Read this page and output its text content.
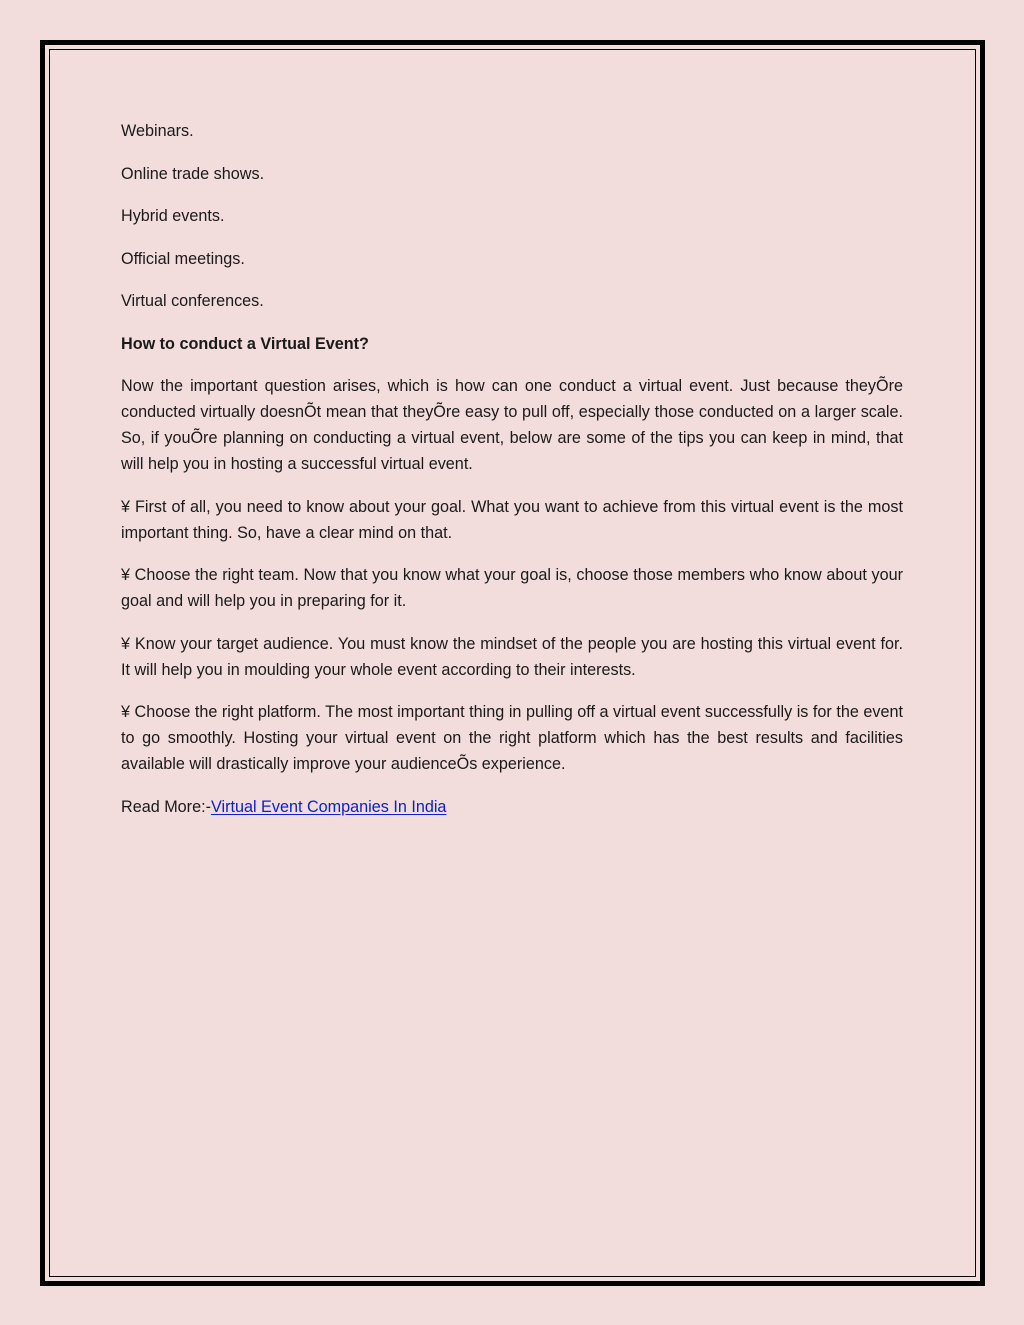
Webinars.

Online trade shows.

Hybrid events.

Official meetings.

Virtual conferences.

How to conduct a Virtual Event?

Now the important question arises, which is how can one conduct a virtual event. Just because theyÕre conducted virtually doesnÕt mean that theyÕre easy to pull off, especially those conducted on a larger scale. So, if youÕre planning on conducting a virtual event, below are some of the tips you can keep in mind, that will help you in hosting a successful virtual event.

¥ First of all, you need to know about your goal. What you want to achieve from this virtual event is the most important thing. So, have a clear mind on that.

¥ Choose the right team. Now that you know what your goal is, choose those members who know about your goal and will help you in preparing for it.

¥ Know your target audience. You must know the mindset of the people you are hosting this virtual event for. It will help you in moulding your whole event according to their interests.

¥ Choose the right platform. The most important thing in pulling off a virtual event successfully is for the event to go smoothly. Hosting your virtual event on the right platform which has the best results and facilities available will drastically improve your audienceÕs experience.

Read More:-Virtual Event Companies In India
